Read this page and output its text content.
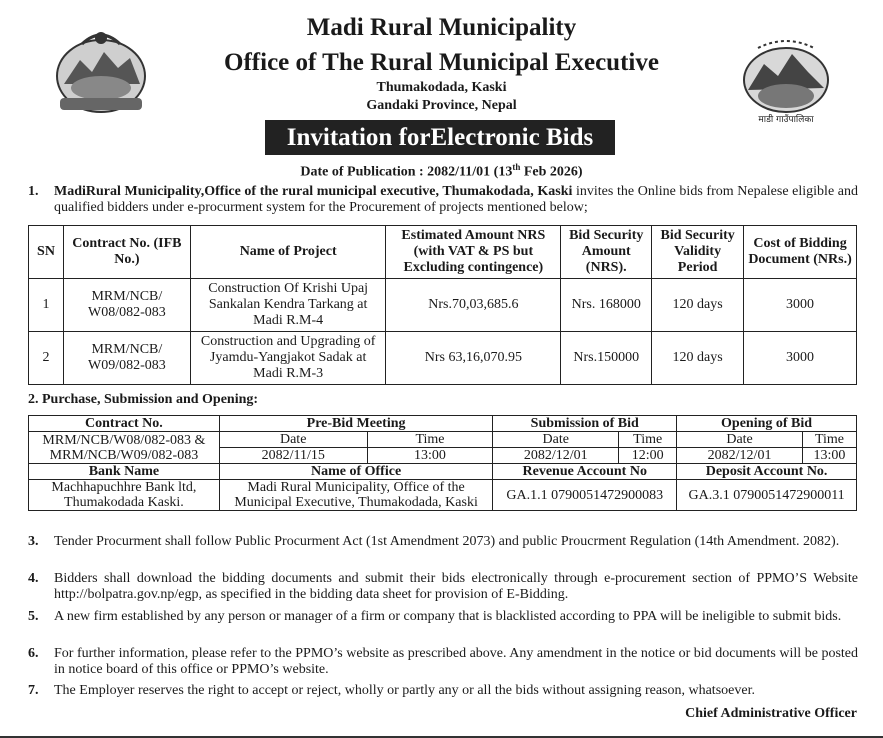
Madi Rural Municipality
Office of The Rural Municipal Executive
Thumakodada, Kaski
Gandaki Province, Nepal
माडी गाउँपालिका
Invitation forElectronic Bids
Date of Publication : 2082/11/01 (13th Feb 2026)
1. MadiRural Municipality,Office of the rural municipal executive, Thumakodada, Kaski invites the Online bids from Nepalese eligible and qualified bidders under e-procurment system for the Procurement of projects mentioned below;
SN	Contract No. (IFB No.)	Name of Project	Estimated Amount NRS (with VAT & PS but Excluding contingence)	Bid Security Amount (NRS).	Bid Security Validity Period	Cost of Bidding Document (NRs.)
1	MRM/NCB/ W08/082-083	Construction Of Krishi Upaj Sankalan Kendra Tarkang at Madi R.M-4	Nrs.70,03,685.6	Nrs. 168000	120 days	3000
2	MRM/NCB/ W09/082-083	Construction and Upgrading of Jyamdu-Yangjakot Sadak at Madi R.M-3	Nrs 63,16,070.95	Nrs.150000	120 days	3000
2. Purchase, Submission and Opening:
Contract No.	Pre-Bid Meeting		Submission of Bid		Opening of Bid	
MRM/NCB/W08/082-083 & MRM/NCB/W09/082-083	Date	Time	Date	Time	Date	Time
	2082/11/15	13:00	2082/12/01	12:00	2082/12/01	13:00
Bank Name	Name of Office		Revenue Account No		Deposit Account No.	
Machhapuchhre Bank ltd, Thumakodada Kaski.	Madi Rural Municipality, Office of the Municipal Executive, Thumakodada, Kaski		GA.1.1 0790051472900083		GA.3.1 0790051472900011	
3. Tender Procurment shall follow Public Procurment Act (1st Amendment 2073) and public Proucrment Regulation (14th Amendment. 2082).
4. Bidders shall download the bidding documents and submit their bids electronically through e-procurement section of PPMO’S Website http://bolpatra.gov.np/egp, as specified in the bidding data sheet for provision of E-Bidding.
5. A new firm established by any person or manager of a firm or company that is blacklisted according to PPA will be ineligible to submit bids.
6. For further information, please refer to the PPMO’s website as prescribed above. Any amendment in the notice or bid documents will be posted in notice board of this office or PPMO’s website.
7. The Employer reserves the right to accept or reject, wholly or partly any or all the bids without assigning reason, whatsoever.
Chief Administrative Officer
